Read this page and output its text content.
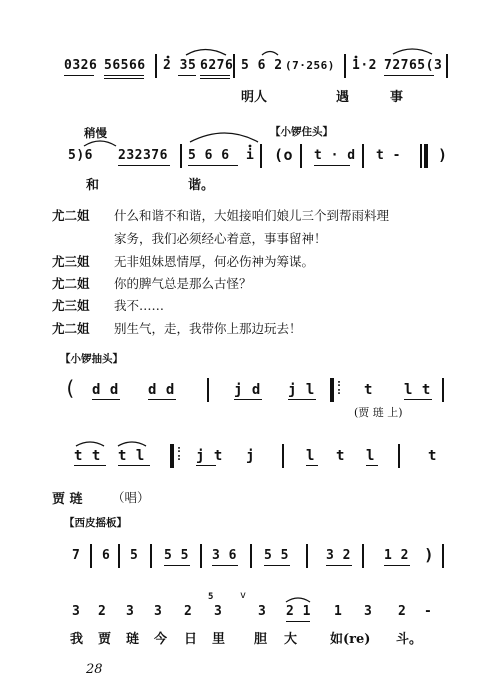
0326 56566 2 35 6276 5 6 2 (7·256) 1·2 72765(3
明人	遇	事
稍慢	【小锣住头】
5)6 232376 5 6 6 i (o t · d t - )
和	谐。
尤二姐 什么和谐不和谐，大姐接咱们娘儿三个到帮雨料理
家务，我们必须经心着意，事事留神！
尤三姐 无非姐妹恩情厚，何必伤神为筹谋。
尤二姐 你的脾气总是那么古怪？
尤三姐 我不……
尤二姐 别生气，走，我带你上那边玩去！
【小锣抽头】
( d d d d	j d j l :
: t l t
(贾 琏 上)
t t t l	:
: j t j	l t l	t
贾 琏 （唱）
【西皮摇板】
7 6 5 5 5 3 6 5 5	3 2	1 2 )
5	v
3 2 3 3 2 3	3 2 1 1 3 2 -
我 贾 琏 今 日 里 胆 大	如(re) 斗。
28
